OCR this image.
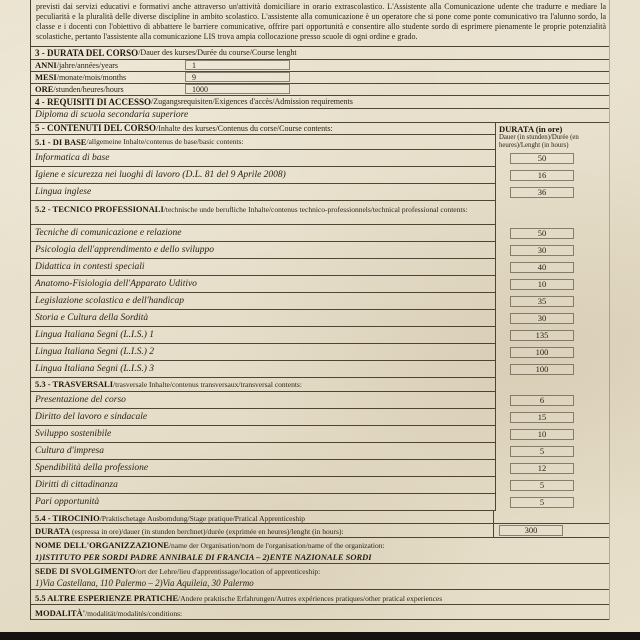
previsti dai servizi educativi e formativi anche attraverso un'attività domiciliare in orario extrascolastico. L'Assistente alla Comunicazione udente che tradurre e mediare la peculiarità e la pluralità delle diverse discipline in ambito scolastico. L'assistente alla comunicazione è un operatore che si pone come ponte comunicativo tra l'alunno sordo, la classe e i docenti con l'obiettivo di abbattere le barriere comunicative, offrire pari opportunità e consentire allo studente sordo di esprimere pienamente le proprie potenzialità scolastiche, pertanto l'assistente alla comunicazione LIS trova ampia collocazione presso scuole di ogni ordine e grado.

3 - DURATA DEL CORSO /Dauer des kurses/Durée du course/Course lenght
ANNI/jahre/années/years	1
MESI/monate/mois/months	9
ORE/stunden/heures/hours	1000
4 - REQUISITI DI ACCESSO /Zugangsrequisiten/Exigences d'accès/Admission requirements
Diploma di scuola secondaria superiore
DURATA (in ore)
Dauer (in stunden)/Durée (en heures)/Lenght (in hours)
5 - CONTENUTI DEL CORSO /Inhalte des kurses/Contenus du corse/Course contents:
5.1 - DI BASE /allgemeine Inhalte/contenus de base/basic contents:
Informatica di base	50
Igiene e sicurezza nei luoghi di lavoro (D.L. 81 del 9 Aprile 2008)	16
Lingua inglese	36
5.2 - TECNICO PROFESSIONALI/technische unde berufliche Inhalte/contenus technico-professionnels/technical professional contents:
Tecniche di comunicazione e relazione	50
Psicologia dell'apprendimento e dello sviluppo	30
Didattica in contesti speciali	40
Anatomo-Fisiologia dell'Apparato Uditivo	10
Legislazione scolastica e dell'handicap	35
Storia e Cultura della Sordità	30
Lingua Italiana Segni (L.I.S.) 1	135
Lingua Italiana Segni (L.I.S.) 2	100
Lingua Italiana Segni (L.I.S.) 3	100
5.3 - TRASVERSALI /trasversale Inhalte/contenus transversaux/transversal contents:
Presentazione del corso	6
Diritto del lavoro e sindacale	15
Sviluppo sostenibile	10
Cultura d'impresa	5
Spendibilità della professione	12
Diritti di cittadinanza	5
Pari opportunità	5
5.4 - TIROCINIO/Praktischetage Ausbomdung/Stage pratique/Pratical Apprenticeship
DURATA (espressa in ore)/dauer (in stunden berchnet)/durée (exprimée en heures)/lenght (in hours):	300
NOME DELL'ORGANIZZAZIONE/name der Organisation/nom de l'organisation/name of the organization:
1)ISTITUTO PER SORDI PADRE ANNIBALE DI FRANCIA – 2)ENTE NAZIONALE SORDI
SEDE DI SVOLGIMENTO/ort der Lehre/lieu d'apprentissage/location of apprenticeship:
1)Via Castellana, 110 Palermo – 2)Via Aquileia, 30 Palermo
5.5 ALTRE ESPERIENZE PRATICHE/Andere praktische Erfahrungen/Autres expériences pratiques/other pratical experiences
MODALITÀ'/modalität/modalités/conditions:
